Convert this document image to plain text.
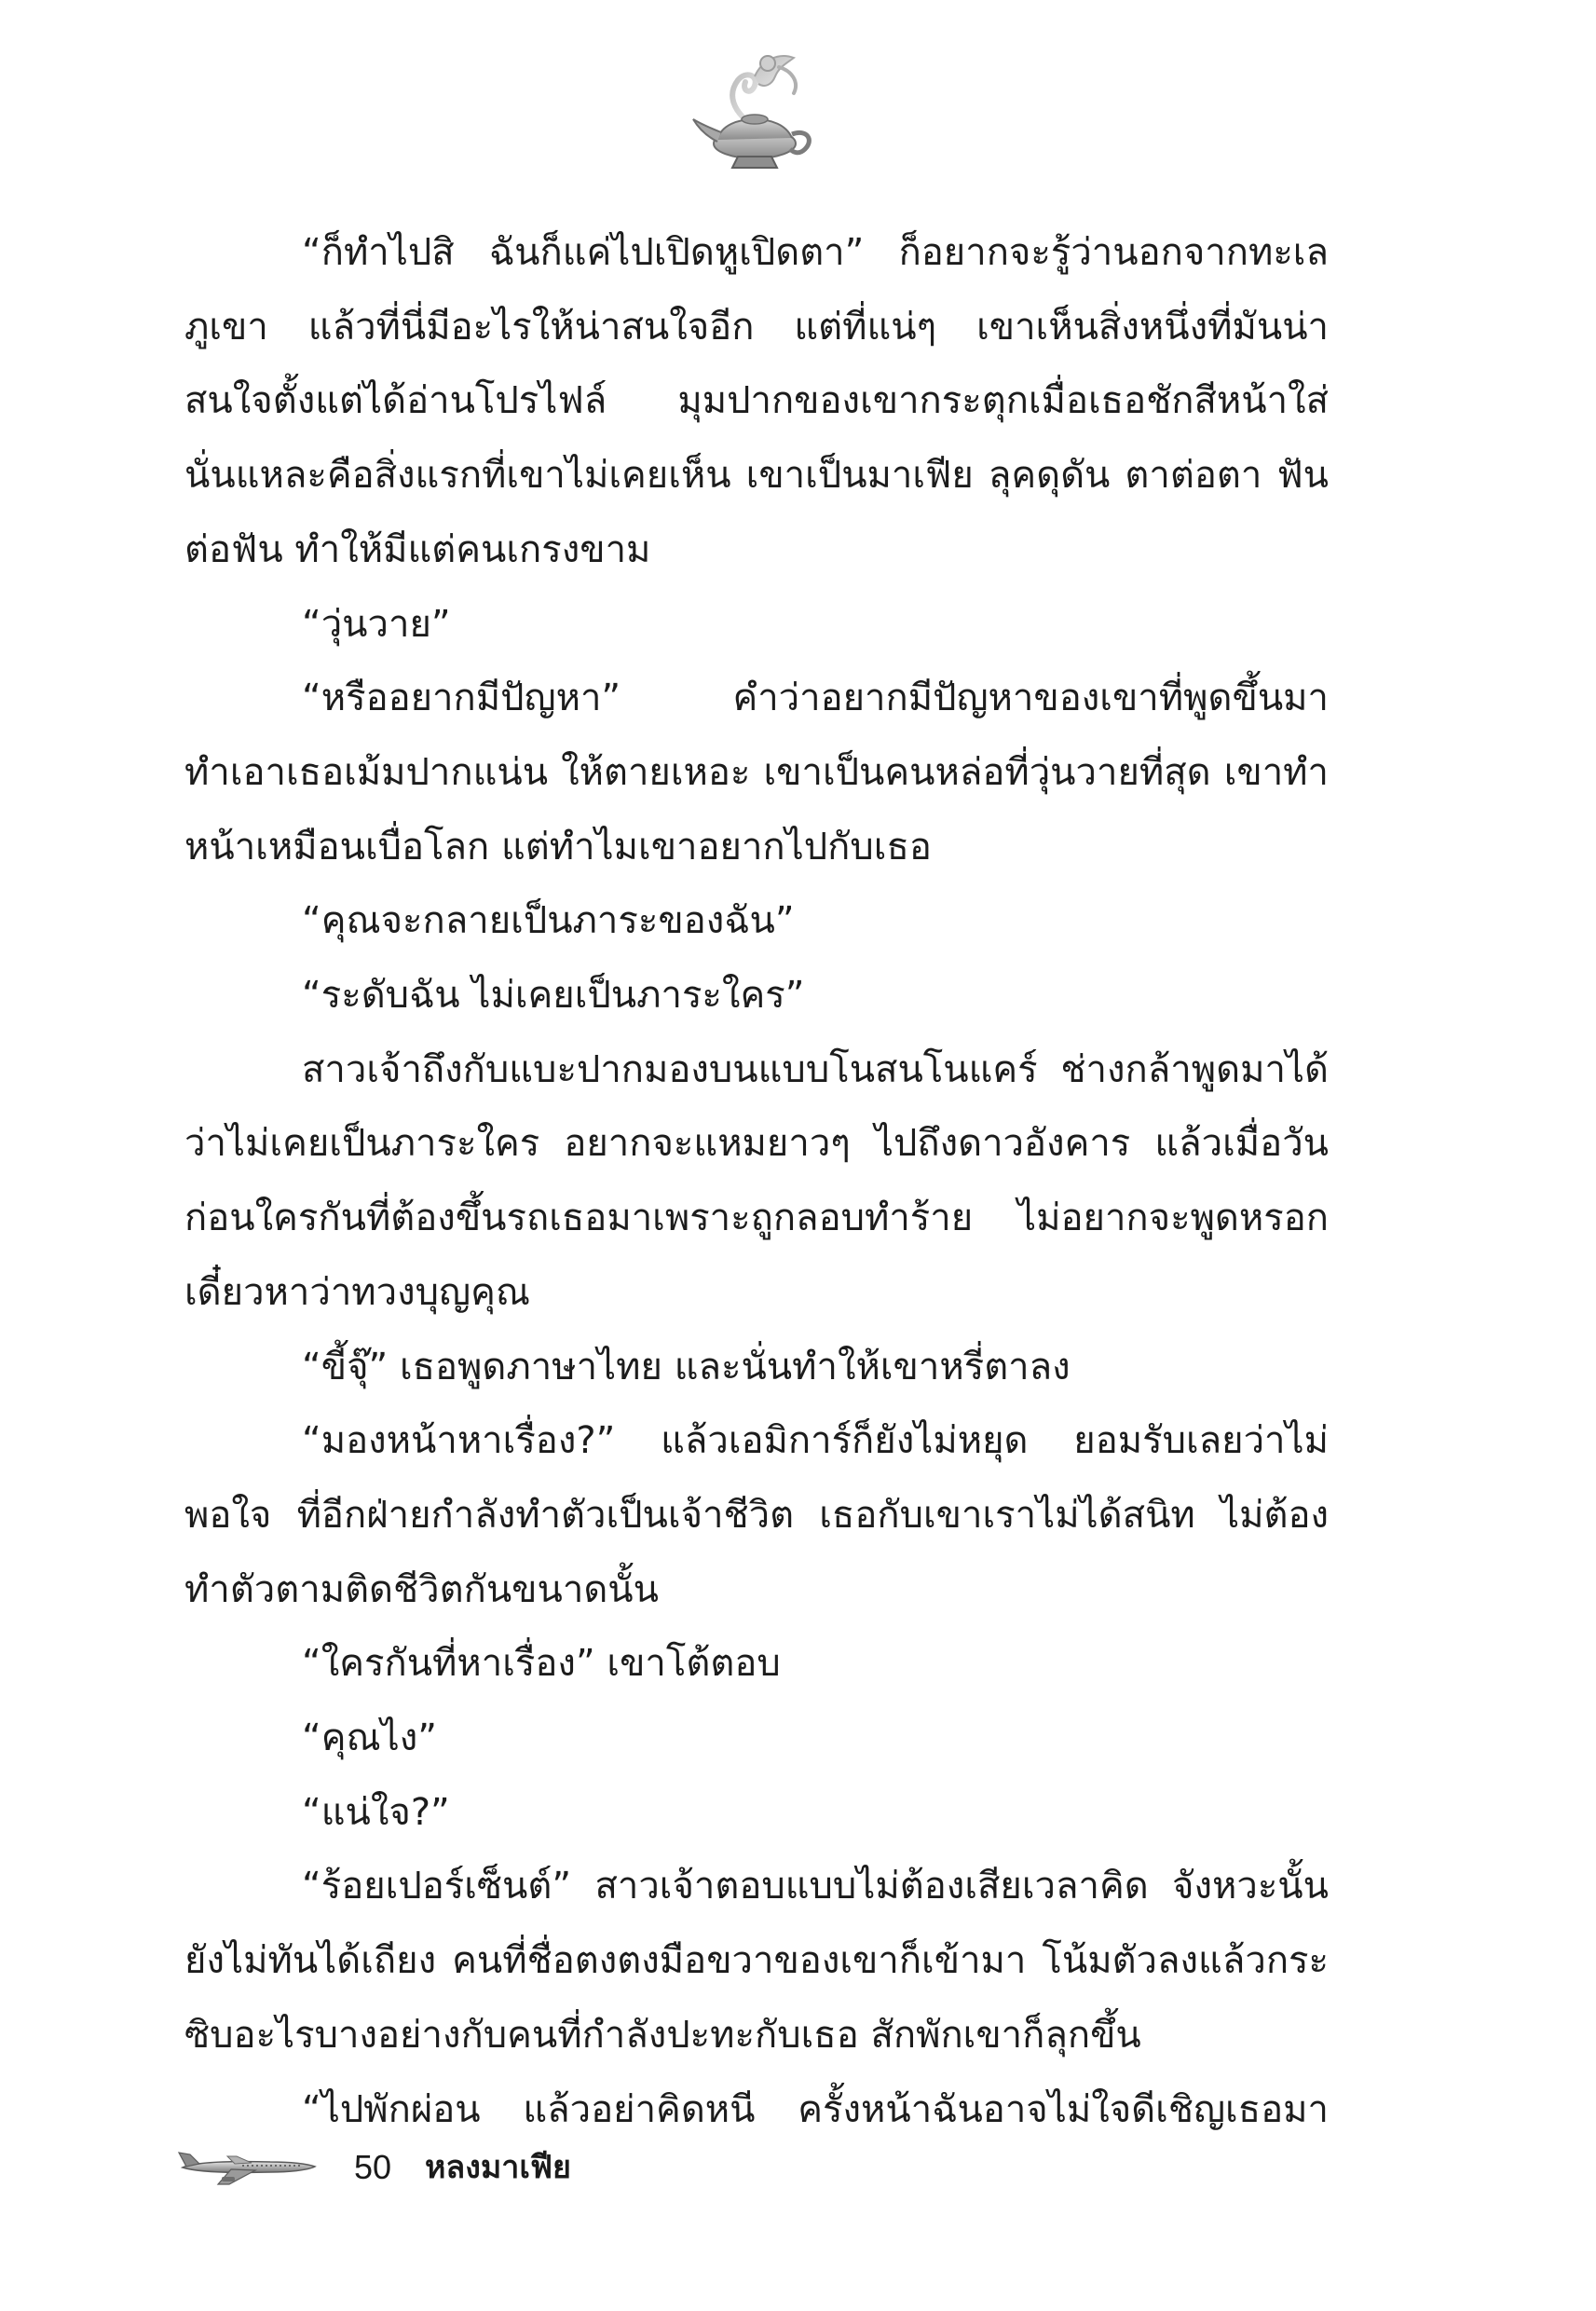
“ก็ทำไปสิ ฉันก็แค่ไปเปิดหูเปิดตา” ก็อยากจะรู้ว่านอกจากทะเล ภูเขา แล้วที่นี่มีอะไรให้น่าสนใจอีก แต่ที่แน่ๆ เขาเห็นสิ่งหนึ่งที่มันน่าสนใจตั้งแต่ได้อ่านโปรไฟล์ มุมปากของเขากระตุกเมื่อเธอชักสีหน้าใส่ นั่นแหละคือสิ่งแรกที่เขาไม่เคยเห็น เขาเป็นมาเฟีย ลุคดุดัน ตาต่อตา ฟันต่อฟัน ทำให้มีแต่คนเกรงขาม

“วุ่นวาย”

“หรืออยากมีปัญหา” คำว่าอยากมีปัญหาของเขาที่พูดขึ้นมา ทำเอาเธอเม้มปากแน่น ให้ตายเหอะ เขาเป็นคนหล่อที่วุ่นวายที่สุด เขาทำหน้าเหมือนเบื่อโลก แต่ทำไมเขาอยากไปกับเธอ

“คุณจะกลายเป็นภาระของฉัน”

“ระดับฉัน ไม่เคยเป็นภาระใคร”

สาวเจ้าถึงกับแบะปากมองบนแบบโนสนโนแคร์ ช่างกล้าพูดมาได้ว่าไม่เคยเป็นภาระใคร อยากจะแหมยาวๆ ไปถึงดาวอังคาร แล้วเมื่อวันก่อนใครกันที่ต้องขึ้นรถเธอมาเพราะถูกลอบทำร้าย ไม่อยากจะพูดหรอก เดี๋ยวหาว่าทวงบุญคุณ

“ขี้จุ๊” เธอพูดภาษาไทย และนั่นทำให้เขาหรี่ตาลง

“มองหน้าหาเรื่อง?” แล้วเอมิการ์ก็ยังไม่หยุด ยอมรับเลยว่าไม่พอใจ ที่อีกฝ่ายกำลังทำตัวเป็นเจ้าชีวิต เธอกับเขาเราไม่ได้สนิท ไม่ต้องทำตัวตามติดชีวิตกันขนาดนั้น

“ใครกันที่หาเรื่อง” เขาโต้ตอบ

“คุณไง”

“แน่ใจ?”

“ร้อยเปอร์เซ็นต์” สาวเจ้าตอบแบบไม่ต้องเสียเวลาคิด จังหวะนั้นยังไม่ทันได้เถียง คนที่ชื่อตงตงมือขวาของเขาก็เข้ามา โน้มตัวลงแล้วกระซิบอะไรบางอย่างกับคนที่กำลังปะทะกับเธอ สักพักเขาก็ลุกขึ้น

“ไปพักผ่อน แล้วอย่าคิดหนี ครั้งหน้าฉันอาจไม่ใจดีเชิญเธอมา

50 หลงมาเฟีย
